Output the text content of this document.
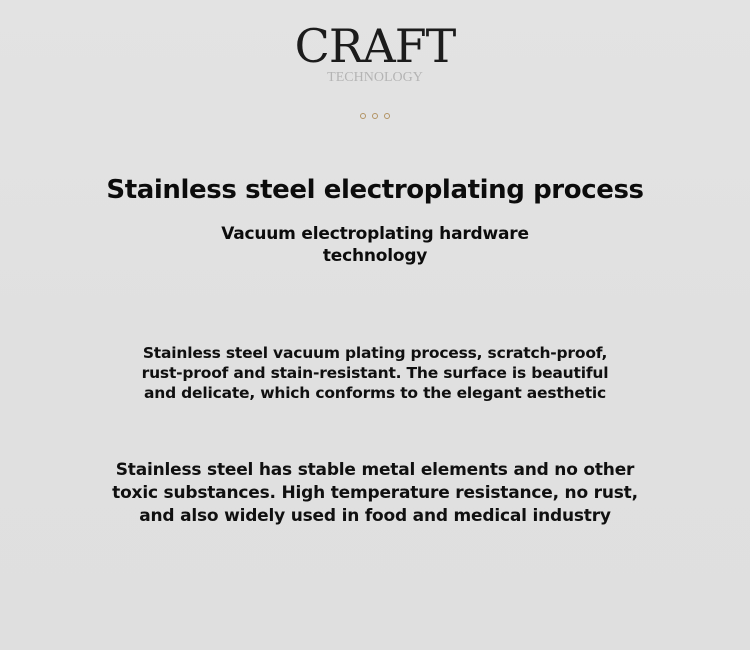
CRAFT
TECHNOLOGY
Stainless steel electroplating process
Vacuum electroplating hardware technology
Stainless steel vacuum plating process, scratch-proof, rust-proof and stain-resistant. The surface is beautiful and delicate, which conforms to the elegant aesthetic
Stainless steel has stable metal elements and no other toxic substances. High temperature resistance, no rust, and also widely used in food and medical industry
